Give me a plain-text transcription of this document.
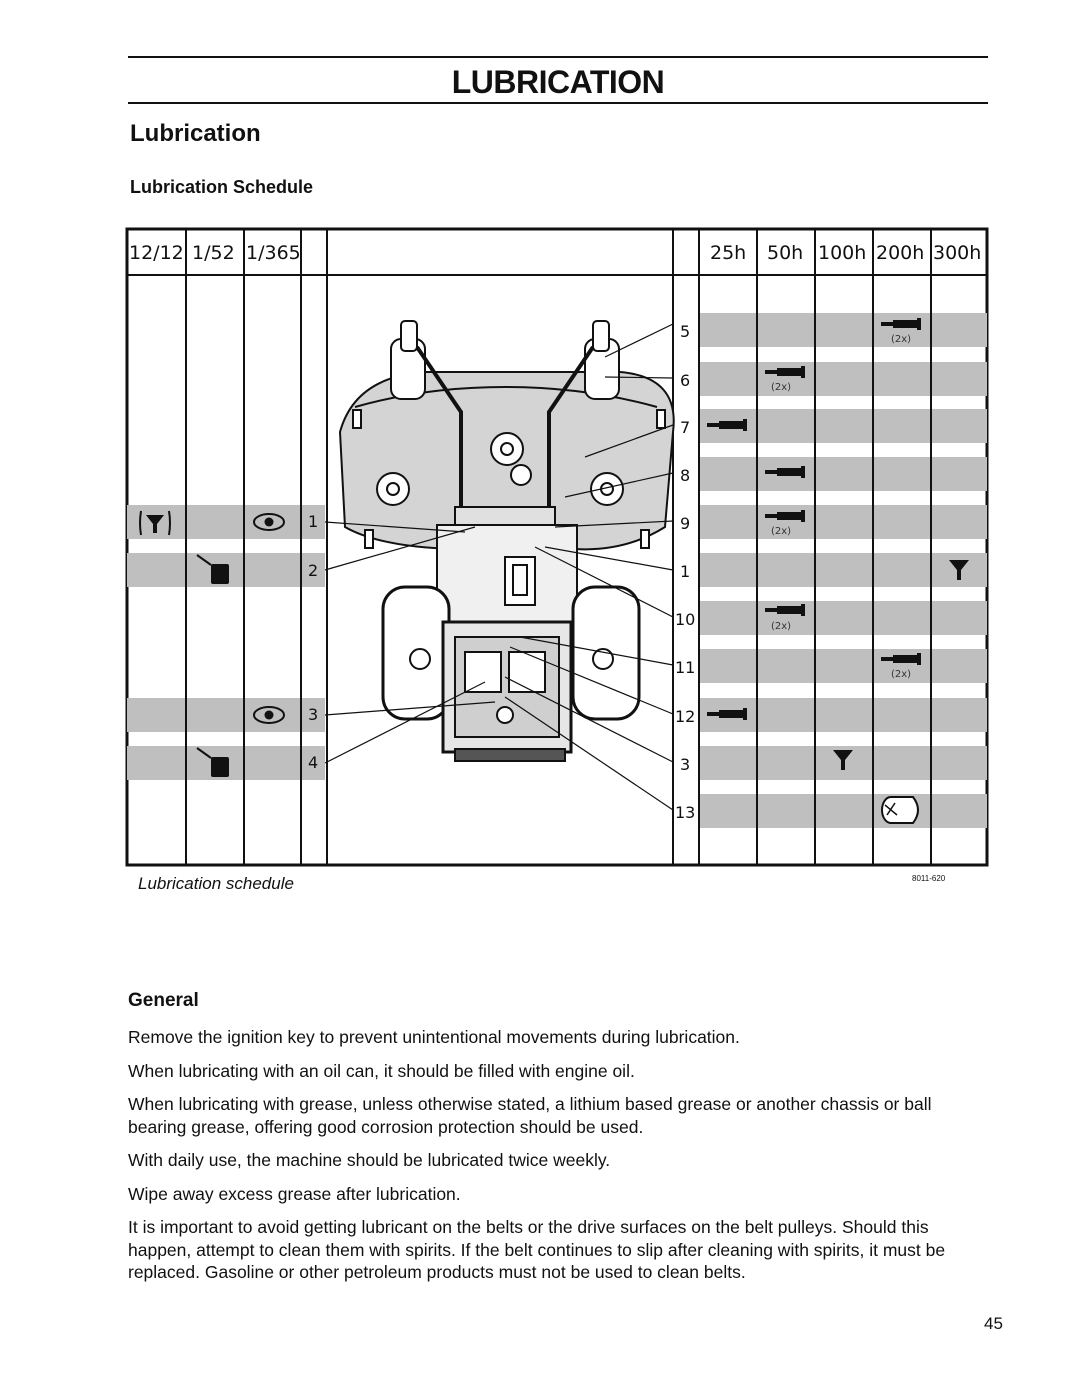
LUBRICATION
Lubrication
Lubrication Schedule
12/12 1/52 1/365	25h 50h 100h 200h 300h
1
2
3
4
5
6
7
8
9
1
10
11
12
3
13
(2x)
(2x)
(2x)
(2x)
(2x)
Lubrication schedule	8011-620
General

Remove the ignition key to prevent unintentional movements during lubrication.

When lubricating with an oil can, it should be filled with engine oil.

When lubricating with grease, unless otherwise stated, a lithium based grease or another chassis or ball bearing grease, offering good corrosion protection should be used.

With daily use, the machine should be lubricated twice weekly.

Wipe away excess grease after lubrication.

It is important to avoid getting lubricant on the belts or the drive surfaces on the belt pulleys. Should this happen, attempt to clean them with spirits. If the belt continues to slip after cleaning with spirits, it must be replaced. Gasoline or other petroleum products must not be used to clean belts.

45
